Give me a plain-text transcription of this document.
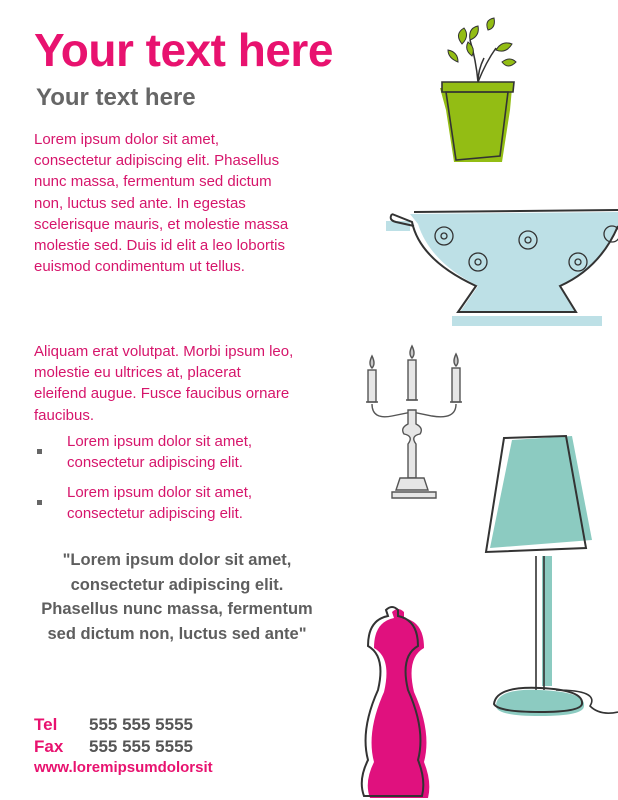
Your text here
Your text here

Lorem ipsum dolor sit amet, consectetur adipiscing elit. Phasellus nunc massa, fermentum sed dictum non, luctus sed ante. In egestas scelerisque mauris, et molestie massa molestie sed. Duis id elit a leo lobortis euismod condimentum ut tellus.

Aliquam erat volutpat. Morbi ipsum leo, molestie eu ultrices at, placerat eleifend augue. Fusce faucibus ornare faucibus.

Lorem ipsum dolor sit amet, consectetur adipiscing elit.
Lorem ipsum dolor sit amet, consectetur adipiscing elit.

"Lorem ipsum dolor sit amet, consectetur adipiscing elit. Phasellus nunc massa, fermentum sed dictum non, luctus sed ante"

Tel 555 555 5555
Fax 555 555 5555
www.loremipsumdolorsit
